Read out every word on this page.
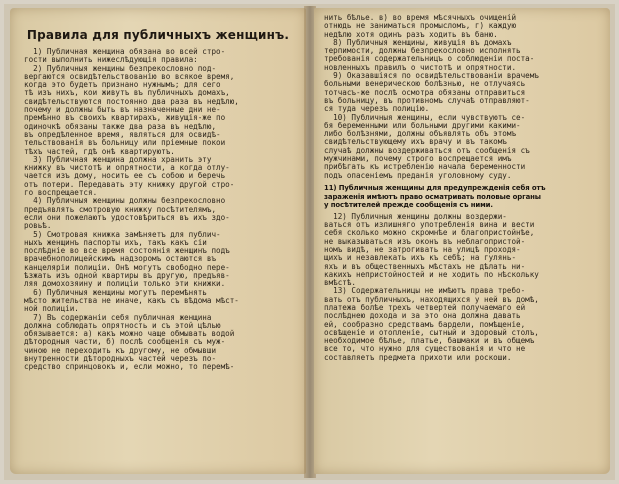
Правила для публичныхъ женщинъ.
1) Публичная женщина обязана во всей стро-
гости выполнить нижеслѣдующія правила:
2) Публичныя женщины безпрекословно под-
вергаются освидѣтельствованію во всякое время,
когда это будетъ признано нужнымъ; для сего
тѣ изъ нихъ, кои живутъ въ публичныхъ домахъ,
свидѣтельствуются постоянно два раза въ недѣлю,
почему и должны быть въ назначенные дни не-
премѣнно въ своихъ квартирахъ, живущія-же по
одиночкѣ обязаны также два раза въ недѣлю,
въ опредѣленное время, являться для освидѣ-
тельствованія въ больницу или пріемные покои
тѣхъ частей, гдѣ онѣ квартируютъ.
3) Публичная женщина должна хранить эту
книжку въ чистотѣ и опрятности, а когда отлу-
чается изъ дому, носить ее съ собою и беречь
отъ потери. Передавать эту книжку другой стро-
го воспрещается.
4) Публичныя женщины должны безпрекословно
предъявлять смотровую книжку посѣтителямъ,
если они пожелаютъ удостовѣриться въ ихъ здо-
ровьѣ.
5) Смотровая книжка замѣняетъ для публич-
ныхъ женщинъ паспорты ихъ, такъ какъ сіи
послѣдніе во все время состоянія женщинъ подъ
врачебнополицейскимъ надзоромъ остаются въ
канцеляріи полиціи. Онѣ могутъ свободно пере-
ѣзжать изъ одной квартиры въ другую, предъяв-
ляя домохозяину и полиціи только эти книжки.
6) Публичныя женщины могутъ перемѣнять
мѣсто жительства не иначе, какъ съ вѣдома мѣст-
ной полиціи.
7) Въ содержаніи себя публичная женщина
должна соблюдать опрятность и съ этой цѣлью
обязывается: а) какъ можно чаще обмывать водой
дѣтородныя части, б) послѣ сообщенія съ муж-
чиною не переходить къ другому, не обмывши
внутренности дѣтородныхъ частей черезъ по-
средство спринцовокъ и, если можно, то перемѣ-
нить бѣлье. в) во время мѣсячныхъ очищеній
отнюдь не заниматься промысломъ, г) каждую
недѣлю хотя одинъ разъ ходить въ баню.
8) Публичныя женщины, живущія въ домахъ
терпимости, должны безпрекословно исполнять
требованія содержательницъ о соблюденіи поста-
новленныхъ правилъ о чистотѣ и опрятности.
9) Оказавшіяся по освидѣтельствованіи врачемъ
больными венерическою болѣзнью, не отлучаясь
тотчасъ-же послѣ осмотра обязаны отправиться
въ больницу, въ противномъ случаѣ отправляют-
ся туда черезъ полицію.
10) Публичныя женщины, если чувствуютъ се-
бя беременными или больными другими какими-
либо болѣзнями, должны объявлять объ этомъ
свидѣтельствующему ихъ врачу и въ такомъ
случаѣ должны воздерживаться отъ сообщенія съ
мужчинами, почему строго воспрещается имъ
прибѣгать къ истребленію начала беременности
подъ опасеніемъ преданія уголовному суду.
11) Публичныя женщины для предупрежденія себя отъ
зараженія имѣютъ право осматривать половые органы
у посѣтителей прежде сообщенія съ ними.
12) Публичныя женщины должны воздержи-
ваться отъ излишняго употребленія вина и вести
себя сколько можно скромнѣе и благопристойнѣе,
не выказываться изъ оконъ въ неблагопристой-
номъ видѣ, не затрогивать на улицѣ проходя-
щихъ и незавлекать ихъ къ себѣ; на гулянь-
яхъ и въ общественныхъ мѣстахъ не дѣлать ни-
какихъ непристойностей и не ходить по нѣскольку
вмѣстѣ.
13) Содержательницы не имѣютъ права требо-
вать отъ публичныхъ, находящихся у ней въ домѣ,
платежа болѣе трехъ четвертей получаемаго ей
послѣднею дохода и за это она должна давать
ей, сообразно средствамъ бардели, помѣщеніе,
освѣщеніе и отопленіе, сытный и здоровый столъ,
необходимое бѣлье, платье, башмаки и въ общемъ
все то, что нужно для существованія и что не
составляетъ предмета прихоти или роскоши.
